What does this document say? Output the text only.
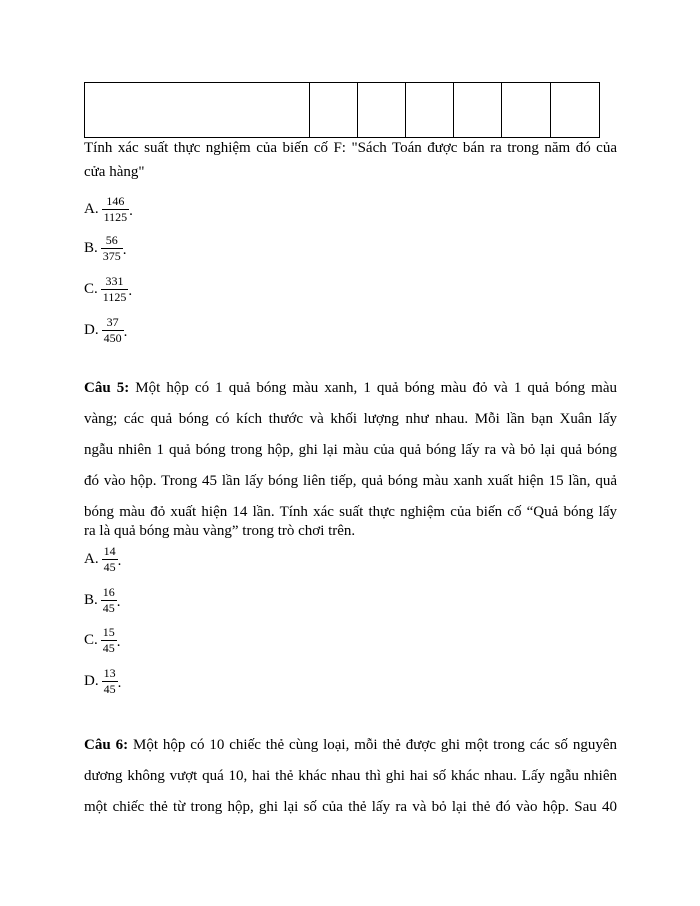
Tính xác suất thực nghiệm của biến cố F: "Sách Toán được bán ra trong năm đó của
cửa hàng"
A. $\frac{146}{1125}$ .
B. $\frac{56}{375}$ .
C. $\frac{331}{1125}$ .
D. $\frac{37}{450}$ .
Câu 5: Một hộp có 1 quả bóng màu xanh, 1 quả bóng màu đỏ và 1 quả bóng màu
vàng; các quả bóng có kích thước và khối lượng như nhau. Mỗi lần bạn Xuân lấy
ngẫu nhiên 1 quả bóng trong hộp, ghi lại màu của quả bóng lấy ra và bỏ lại quả bóng
đó vào hộp. Trong 45 lần lấy bóng liên tiếp, quả bóng màu xanh xuất hiện 15 lần, quả
bóng màu đỏ xuất hiện 14 lần. Tính xác suất thực nghiệm của biến cố “Quả bóng lấy
ra là quả bóng màu vàng” trong trò chơi trên.
A. $\frac{14}{45}$ .
B. $\frac{16}{45}$ .
C. $\frac{15}{45}$ .
D. $\frac{13}{45}$ .
Câu 6: Một hộp có 10 chiếc thẻ cùng loại, mỗi thẻ được ghi một trong các số nguyên
dương không vượt quá 10, hai thẻ khác nhau thì ghi hai số khác nhau. Lấy ngẫu nhiên
một chiếc thẻ từ trong hộp, ghi lại số của thẻ lấy ra và bỏ lại thẻ đó vào hộp. Sau 40
